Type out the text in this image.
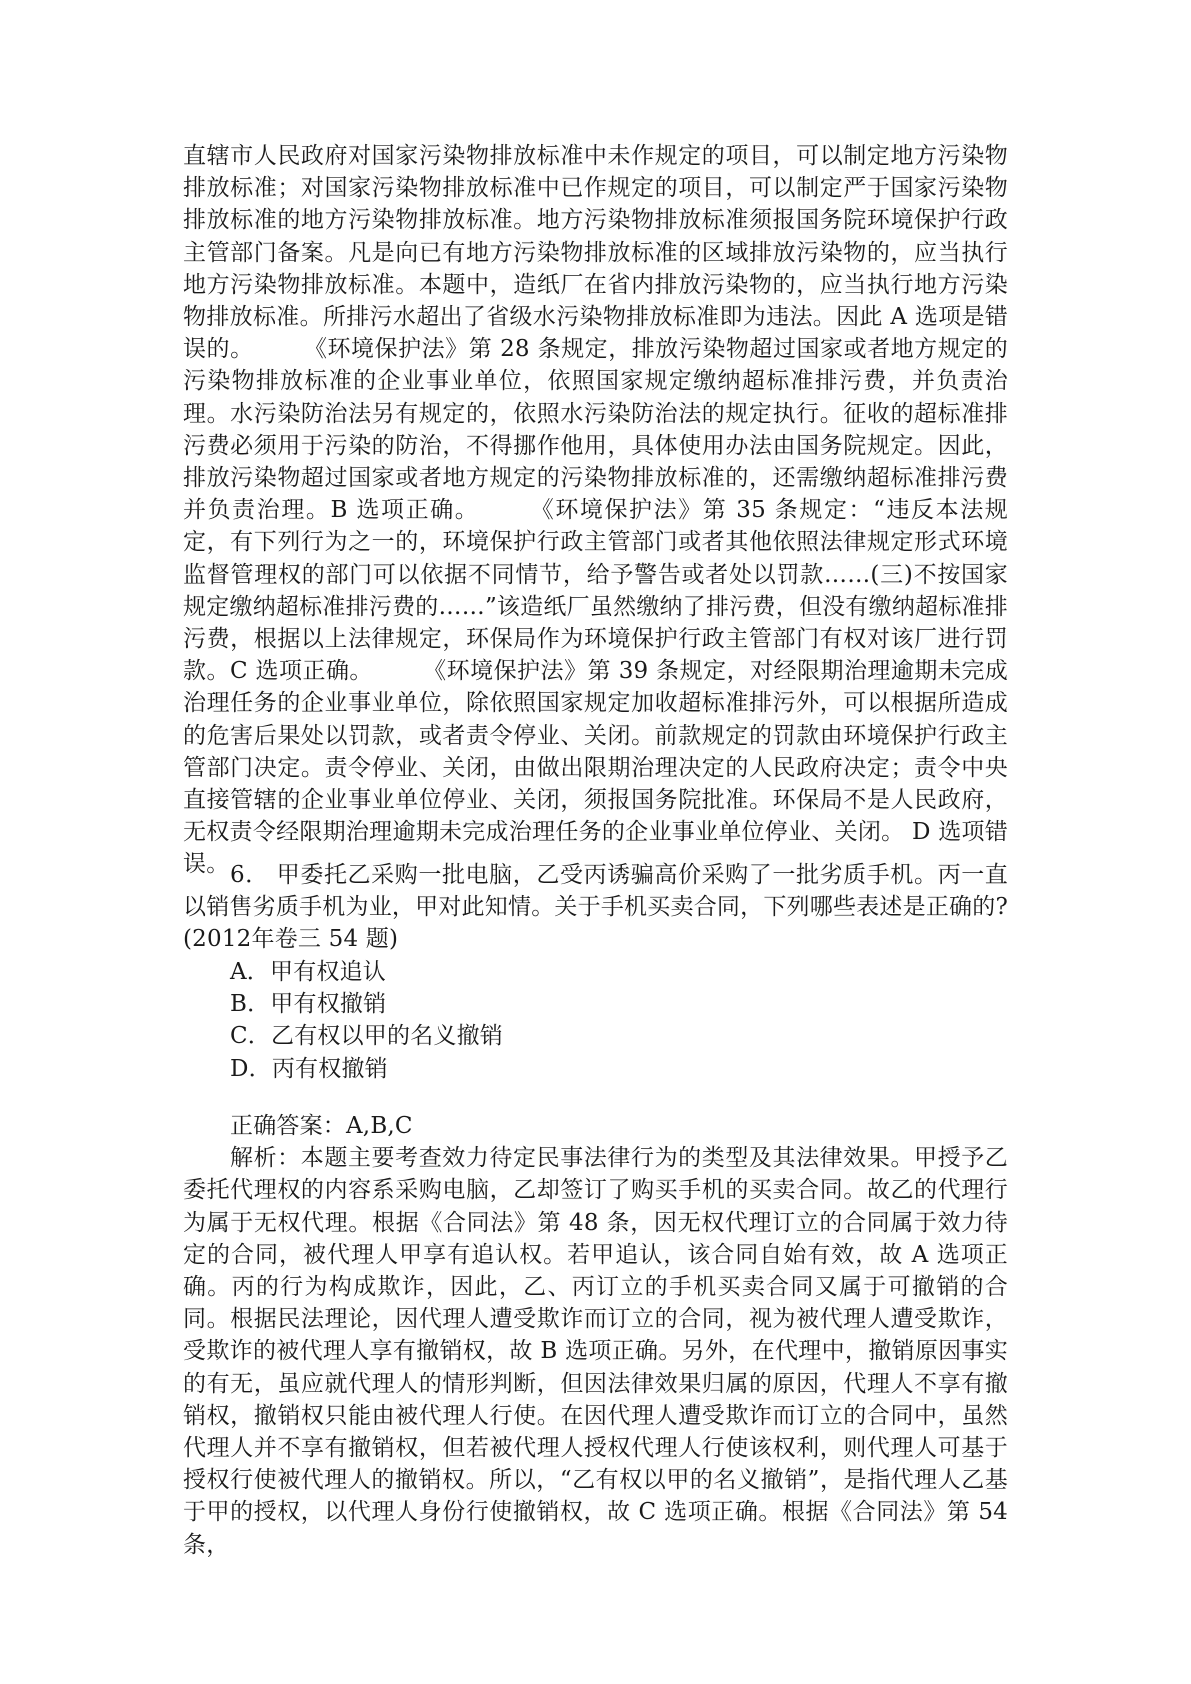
直辖市人民政府对国家污染物排放标准中未作规定的项目，可以制定地方污染物排放标准；对国家污染物排放标准中已作规定的项目，可以制定严于国家污染物排放标准的地方污染物排放标准。地方污染物排放标准须报国务院环境保护行政主管部门备案。凡是向已有地方污染物排放标准的区域排放污染物的，应当执行地方污染物排放标准。本题中，造纸厂在省内排放污染物的，应当执行地方污染物排放标准。所排污水超出了省级水污染物排放标准即为违法。因此 A 选项是错误的。 《环境保护法》第 28 条规定，排放污染物超过国家或者地方规定的污染物排放标准的企业事业单位，依照国家规定缴纳超标准排污费，并负责治理。水污染防治法另有规定的，依照水污染防治法的规定执行。征收的超标准排污费必须用于污染的防治，不得挪作他用，具体使用办法由国务院规定。因此，排放污染物超过国家或者地方规定的污染物排放标准的，还需缴纳超标准排污费并负责治理。B 选项正确。 《环境保护法》第 35 条规定：“违反本法规定，有下列行为之一的，环境保护行政主管部门或者其他依照法律规定形式环境监督管理权的部门可以依据不同情节，给予警告或者处以罚款……(三)不按国家规定缴纳超标准排污费的……”该造纸厂虽然缴纳了排污费，但没有缴纳超标准排污费，根据以上法律规定，环保局作为环境保护行政主管部门有权对该厂进行罚款。C 选项正确。 《环境保护法》第 39 条规定，对经限期治理逾期未完成治理任务的企业事业单位，除依照国家规定加收超标准排污外，可以根据所造成的危害后果处以罚款，或者责令停业、关闭。前款规定的罚款由环境保护行政主管部门决定。责令停业、关闭，由做出限期治理决定的人民政府决定；责令中央直接管辖的企业事业单位停业、关闭，须报国务院批准。环保局不是人民政府，无权责令经限期治理逾期未完成治理任务的企业事业单位停业、关闭。 D 选项错误。 6． 甲委托乙采购一批电脑，乙受丙诱骗高价采购了一批劣质手机。丙一直以销售劣质手机为业，甲对此知情。关于手机买卖合同，下列哪些表述是正确的?(2012年卷三 54 题)

A．甲有权追认
B．甲有权撤销
C．乙有权以甲的名义撤销
D．丙有权撤销

正确答案：A,B,C

解析：本题主要考查效力待定民事法律行为的类型及其法律效果。甲授予乙委托代理权的内容系采购电脑，乙却签订了购买手机的买卖合同。故乙的代理行为属于无权代理。根据《合同法》第 48 条，因无权代理订立的合同属于效力待定的合同，被代理人甲享有追认权。若甲追认，该合同自始有效，故 A 选项正确。丙的行为构成欺诈，因此，乙、丙订立的手机买卖合同又属于可撤销的合同。根据民法理论，因代理人遭受欺诈而订立的合同，视为被代理人遭受欺诈，受欺诈的被代理人享有撤销权，故 B 选项正确。另外，在代理中，撤销原因事实的有无，虽应就代理人的情形判断，但因法律效果归属的原因，代理人不享有撤销权，撤销权只能由被代理人行使。在因代理人遭受欺诈而订立的合同中，虽然代理人并不享有撤销权，但若被代理人授权代理人行使该权利，则代理人可基于授权行使被代理人的撤销权。所以，“乙有权以甲的名义撤销”，是指代理人乙基于甲的授权，以代理人身份行使撤销权，故 C 选项正确。根据《合同法》第 54 条，
